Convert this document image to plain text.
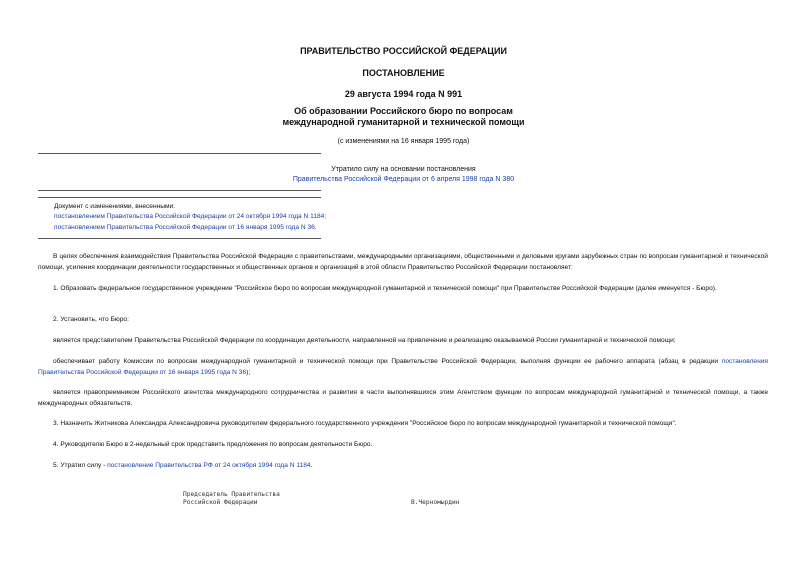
ПРАВИТЕЛЬСТВО РОССИЙСКОЙ ФЕДЕРАЦИИ
ПОСТАНОВЛЕНИЕ
29 августа 1994 года N 991
Об образовании Российского бюро по вопросам
международной гуманитарной и технической помощи
(с изменениями на 16 января 1995 года)
Утратило силу на основании постановления
Правительства Российской Федерации от 6 апреля 1998 года N 380
Документ с изменениями, внесенными:
постановлением Правительства Российской Федерации от 24 октября 1994 года N 1184;
постановлением Правительства Российской Федерации от 16 января 1995 года N 36.

В целях обеспечения взаимодействия Правительства Российской Федерации с правительствами, международными организациями, общественными и деловыми кругами зарубежных стран по вопросам гуманитарной и технической помощи, усиления координации деятельности государственных и общественных органов и организаций в этой области Правительство Российской Федерации постановляет:

1. Образовать федеральное государственное учреждение "Российское бюро по вопросам международной гуманитарной и технической помощи" при Правительстве Российской Федерации (далее именуется - Бюро).

2. Установить, что Бюро:

является представителем Правительства Российской Федерации по координации деятельности, направленной на привлечение и реализацию оказываемой России гуманитарной и технической помощи;

обеспечивает работу Комиссии по вопросам международной гуманитарной и технической помощи при Правительстве Российской Федерации, выполняя функции ее рабочего аппарата (абзац в редакции постановления Правительства Российской Федерации от 16 января 1995 года N 36);

является правопреемником Российского агентства международного сотрудничества и развития в части выполнявшихся этим Агентством функции по вопросам международной гуманитарной и технической помощи, а также международных обязательств.

3. Назначить Житникова Александра Александровича руководителем федерального государственного учреждения "Российское бюро по вопросам международной гуманитарной и технической помощи".

4. Руководителю Бюро в 2-недельный срок представить предложения по вопросам деятельности Бюро.

5. Утратил силу - постановление Правительства РФ от 24 октября 1994 года N 1184.

Председатель Правительства
Российской Федерации	В.Черномырдин
